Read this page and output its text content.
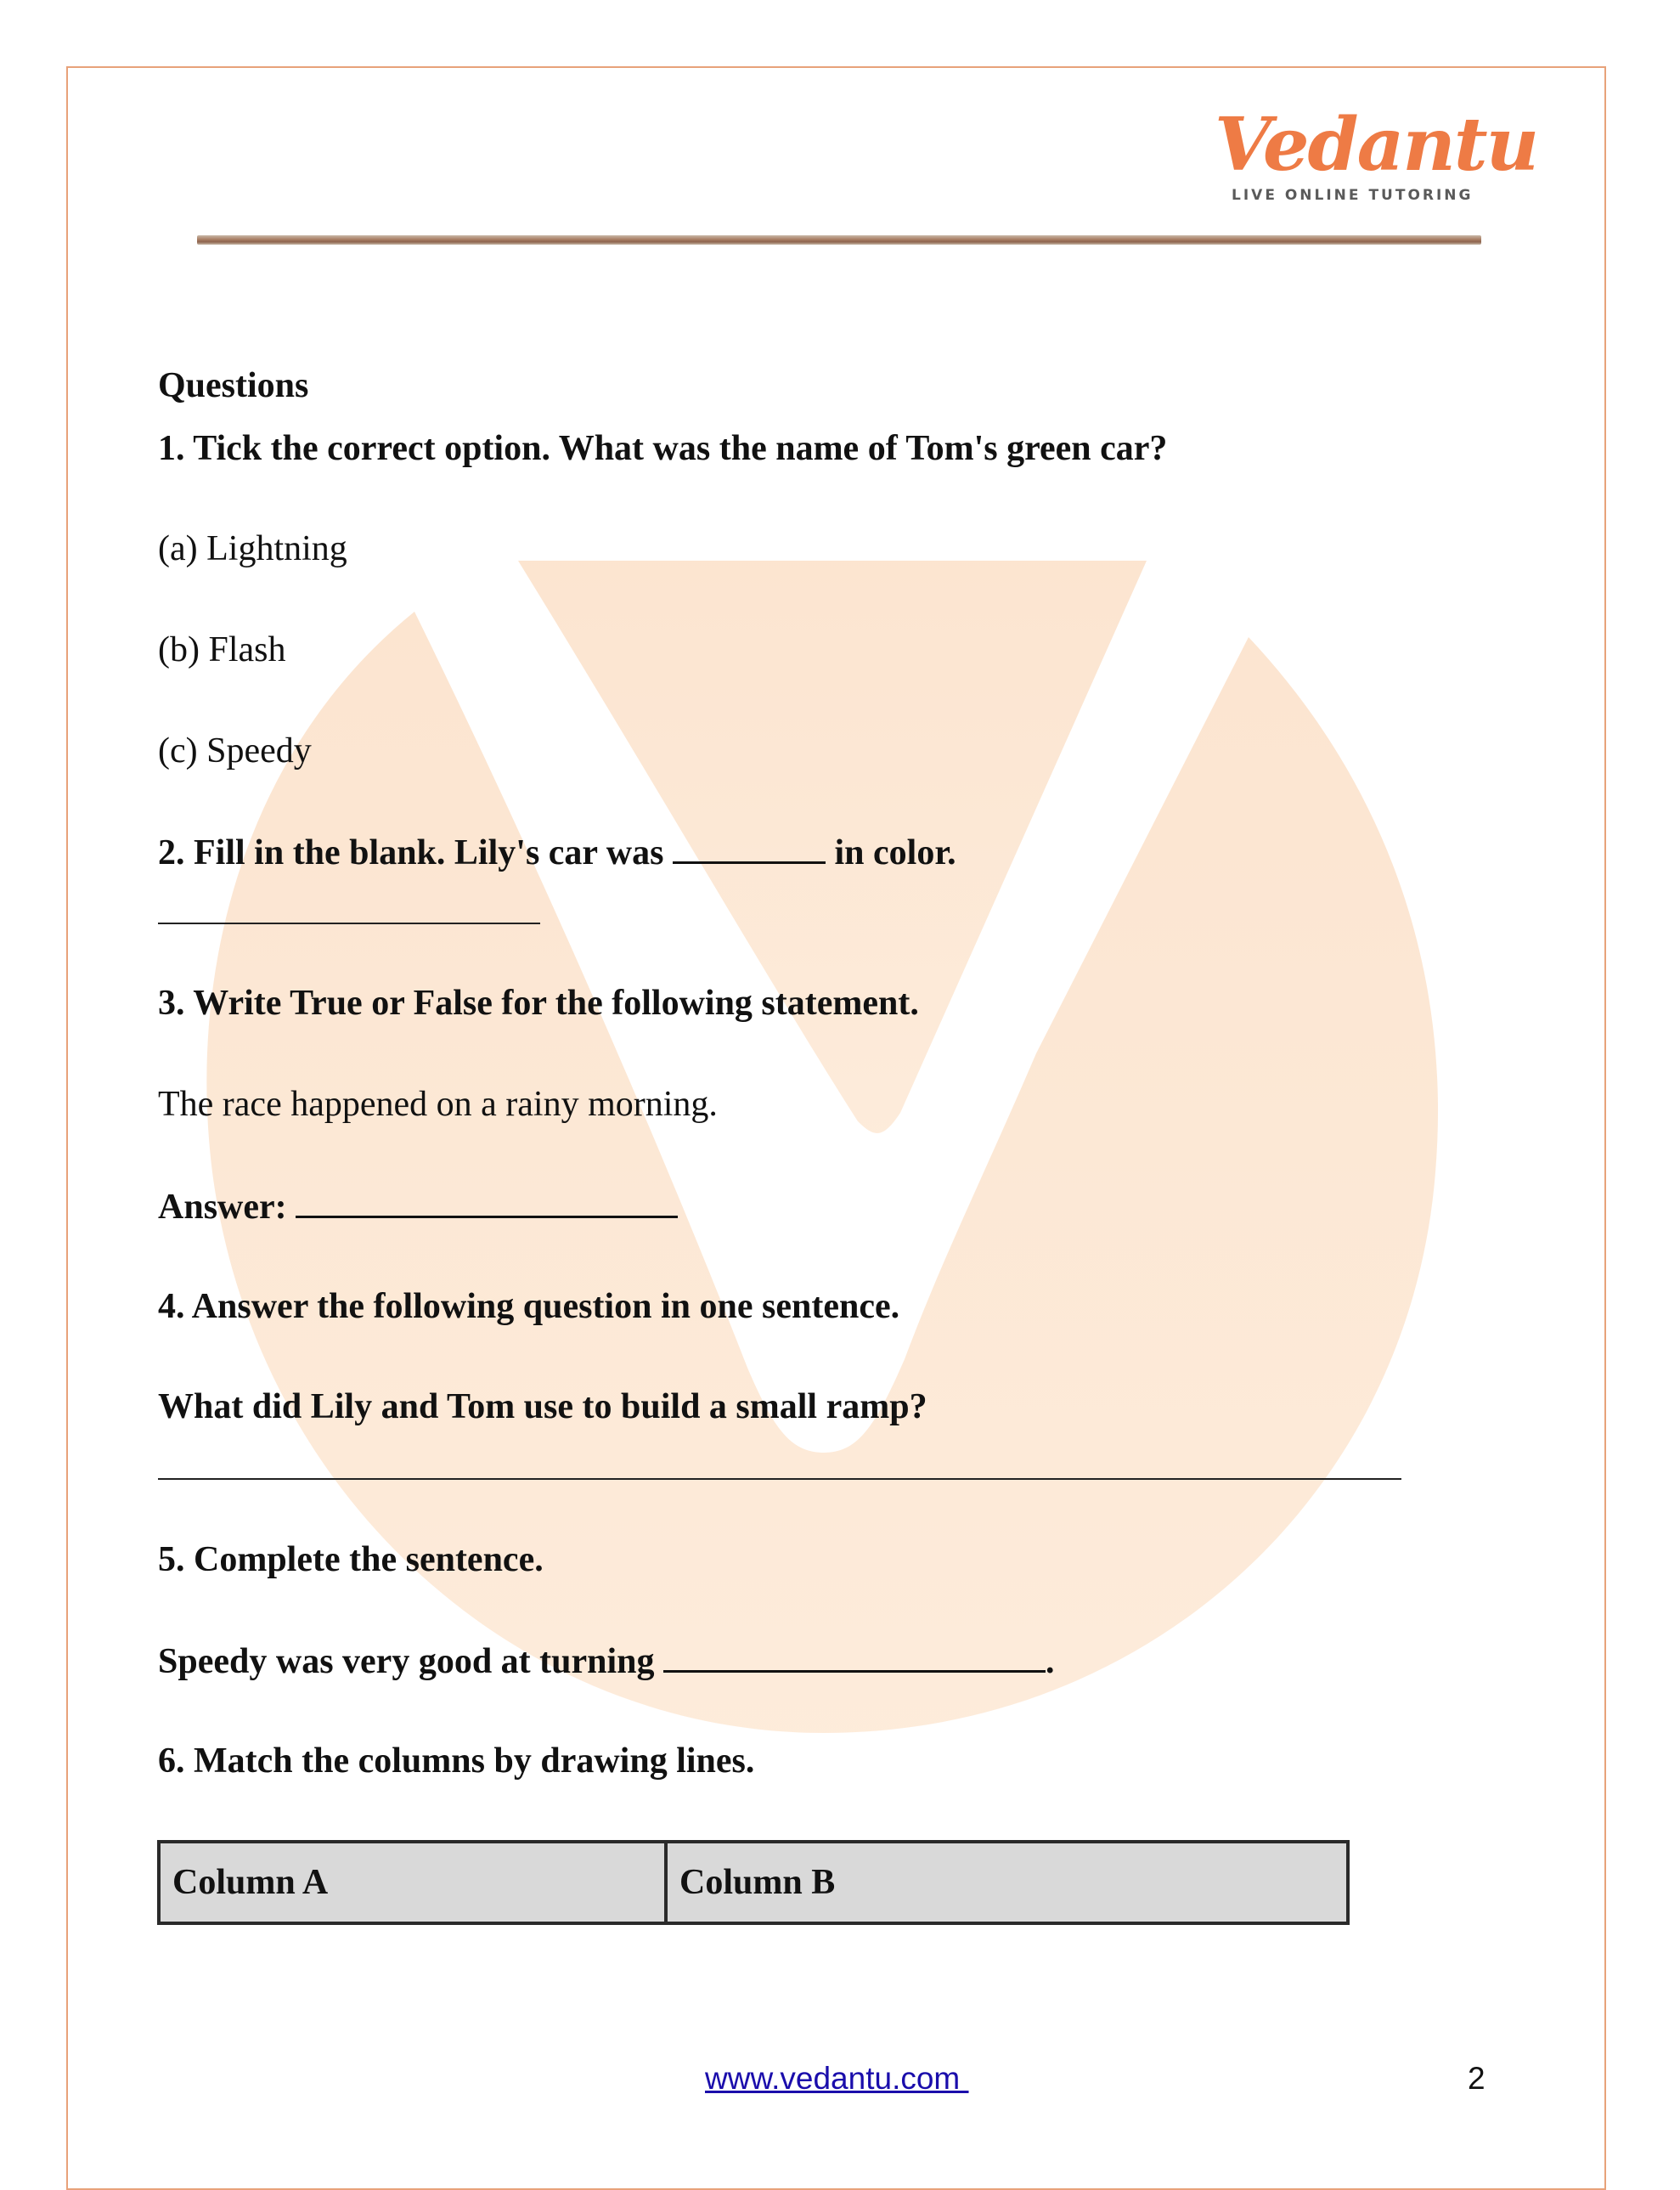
Vedantu
LIVE ONLINE TUTORING
Questions
1. Tick the correct option. What was the name of Tom's green car?
(a) Lightning
(b) Flash
(c) Speedy
2. Fill in the blank. Lily's car was	in color.
3. Write True or False for the following statement.
The race happened on a rainy morning.
Answer:
4. Answer the following question in one sentence.
What did Lily and Tom use to build a small ramp?
5. Complete the sentence.
Speedy was very good at turning	.
6. Match the columns by drawing lines.
Column A	Column B
www.vedantu.com	2
